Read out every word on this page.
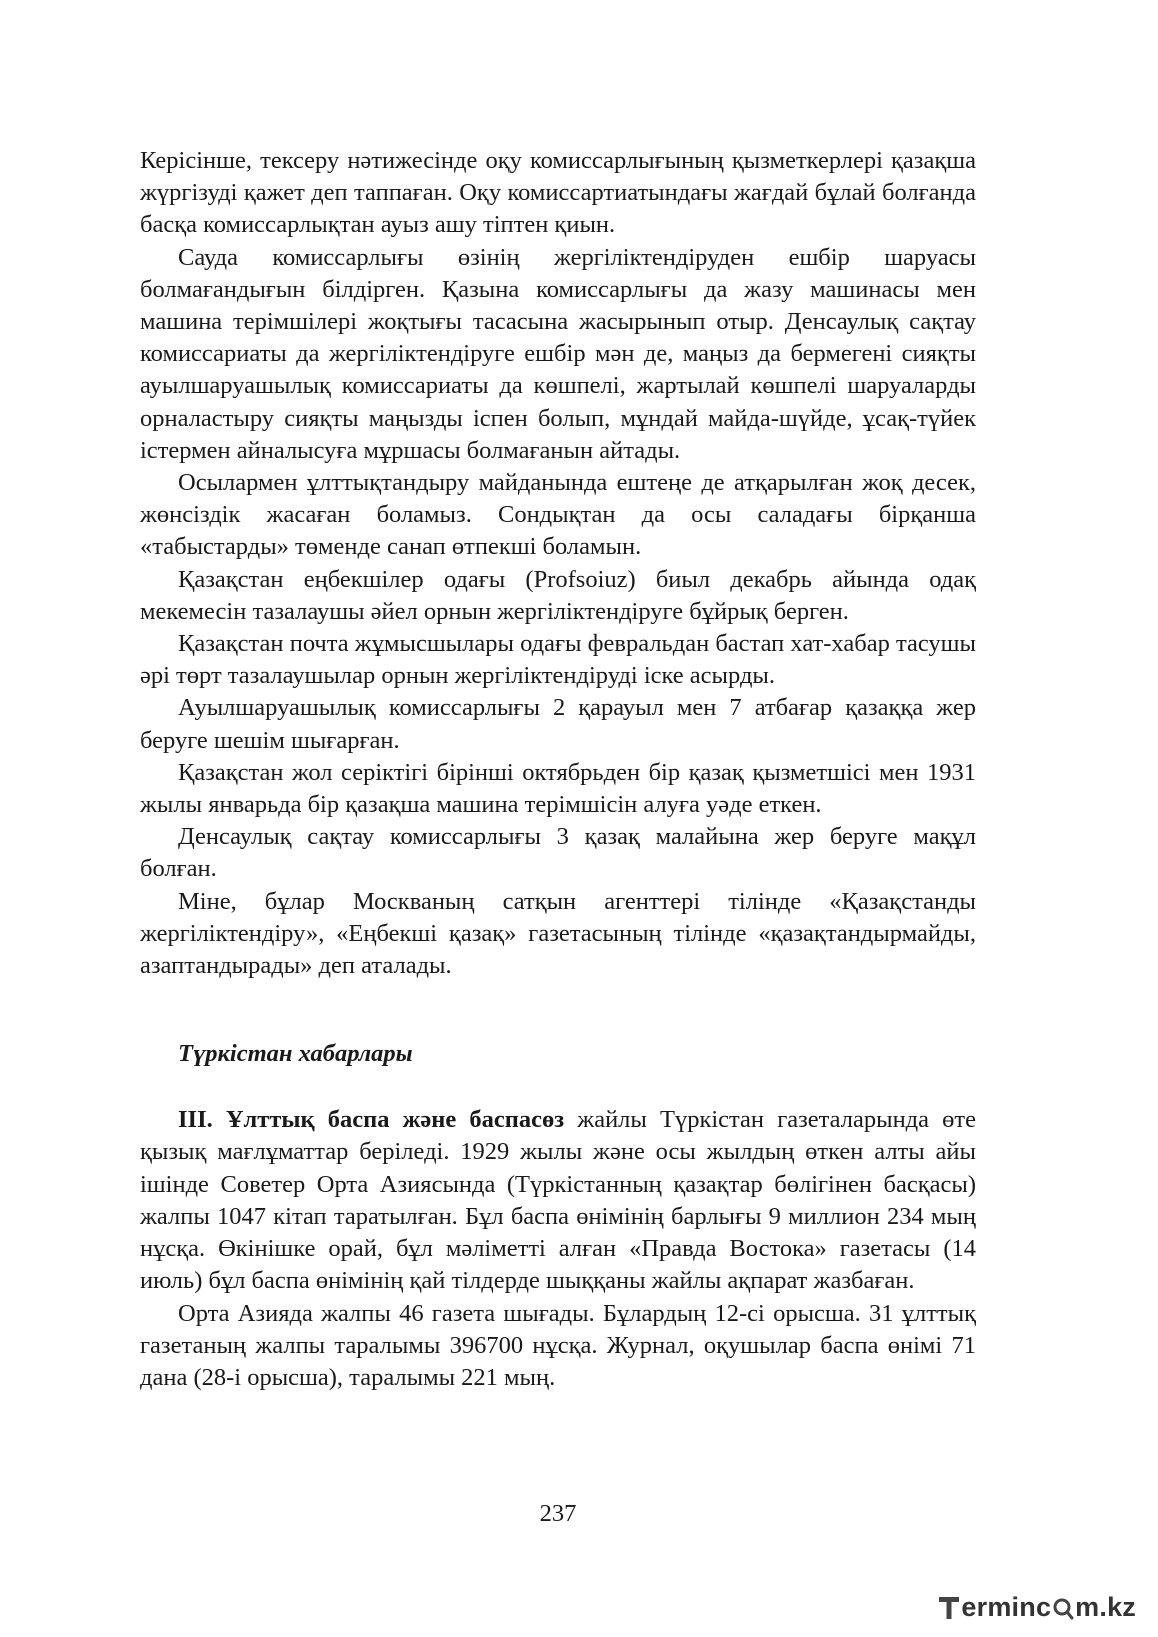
Керісінше, тексеру нәтижесінде оқу комиссарлығының қызметкерлері қазақша жүргізуді қажет деп таппаған. Оқу комиссартиатындағы жағдай бұлай болғанда басқа комиссарлықтан ауыз ашу тіптен қиын.

Сауда комиссарлығы өзінің жергіліктендіруден ешбір шаруасы болмағандығын білдірген. Қазына комиссарлығы да жазу машинасы мен машина терімшілері жоқтығы тасасына жасырынып отыр. Денсаулық сақтау комиссариаты да жергіліктендіруге ешбір мән де, маңыз да бермегені сияқты ауылшаруашылық комиссариаты да көшпелі, жартылай көшпелі шаруаларды орналастыру сияқты маңызды іспен болып, мұндай майда-шүйде, ұсақ-түйек істермен айналысуға мұршасы болмағанын айтады.

Осылармен ұлттықтандыру майданында ештеңе де атқарылған жоқ десек, жөнсіздік жасаған боламыз. Сондықтан да осы саладағы бірқанша «табыстарды» төменде санап өтпекші боламын.

Қазақстан еңбекшілер одағы (Profsoiuz) биыл декабрь айында одақ мекемесін тазалаушы әйел орнын жергіліктендіруге бұйрық берген.

Қазақстан почта жұмысшылары одағы февральдан бастап хат-хабар тасушы әрі төрт тазалаушылар орнын жергіліктендіруді іске асырды.

Ауылшаруашылық комиссарлығы 2 қарауыл мен 7 атбағар қазаққа жер беруге шешім шығарған.

Қазақстан жол серіктігі бірінші октябрьден бір қазақ қызметшісі мен 1931 жылы январьда бір қазақша машина терімшісін алуға уәде еткен.

Денсаулық сақтау комиссарлығы 3 қазақ малайына жер беруге мақұл болған.

Міне, бұлар Москваның сатқын агенттері тілінде «Қазақстанды жергіліктендіру», «Еңбекші қазақ» газетасының тілінде «қазақтандырмайды, азаптандырады» деп аталады.

Түркістан хабарлары

ІІІ. Ұлттық баспа және баспасөз жайлы Түркістан газеталарында өте қызық мағлұматтар беріледі. 1929 жылы және осы жылдың өткен алты айы ішінде Советер Орта Азиясында (Түркістанның қазақтар бөлігінен басқасы) жалпы 1047 кітап таратылған. Бұл баспа өнімінің барлығы 9 миллион 234 мың нұсқа. Өкінішке орай, бұл мәліметті алған «Правда Востока» газетасы (14 июль) бұл баспа өнімінің қай тілдерде шыққаны жайлы ақпарат жазбаған.

Орта Азияда жалпы 46 газета шығады. Бұлардың 12-сі орысша. 31 ұлттық газетаның жалпы таралымы 396700 нұсқа. Журнал, оқушылар баспа өнімі 71 дана (28-і орысша), таралымы 221 мың.

237
ermin c m.kz
